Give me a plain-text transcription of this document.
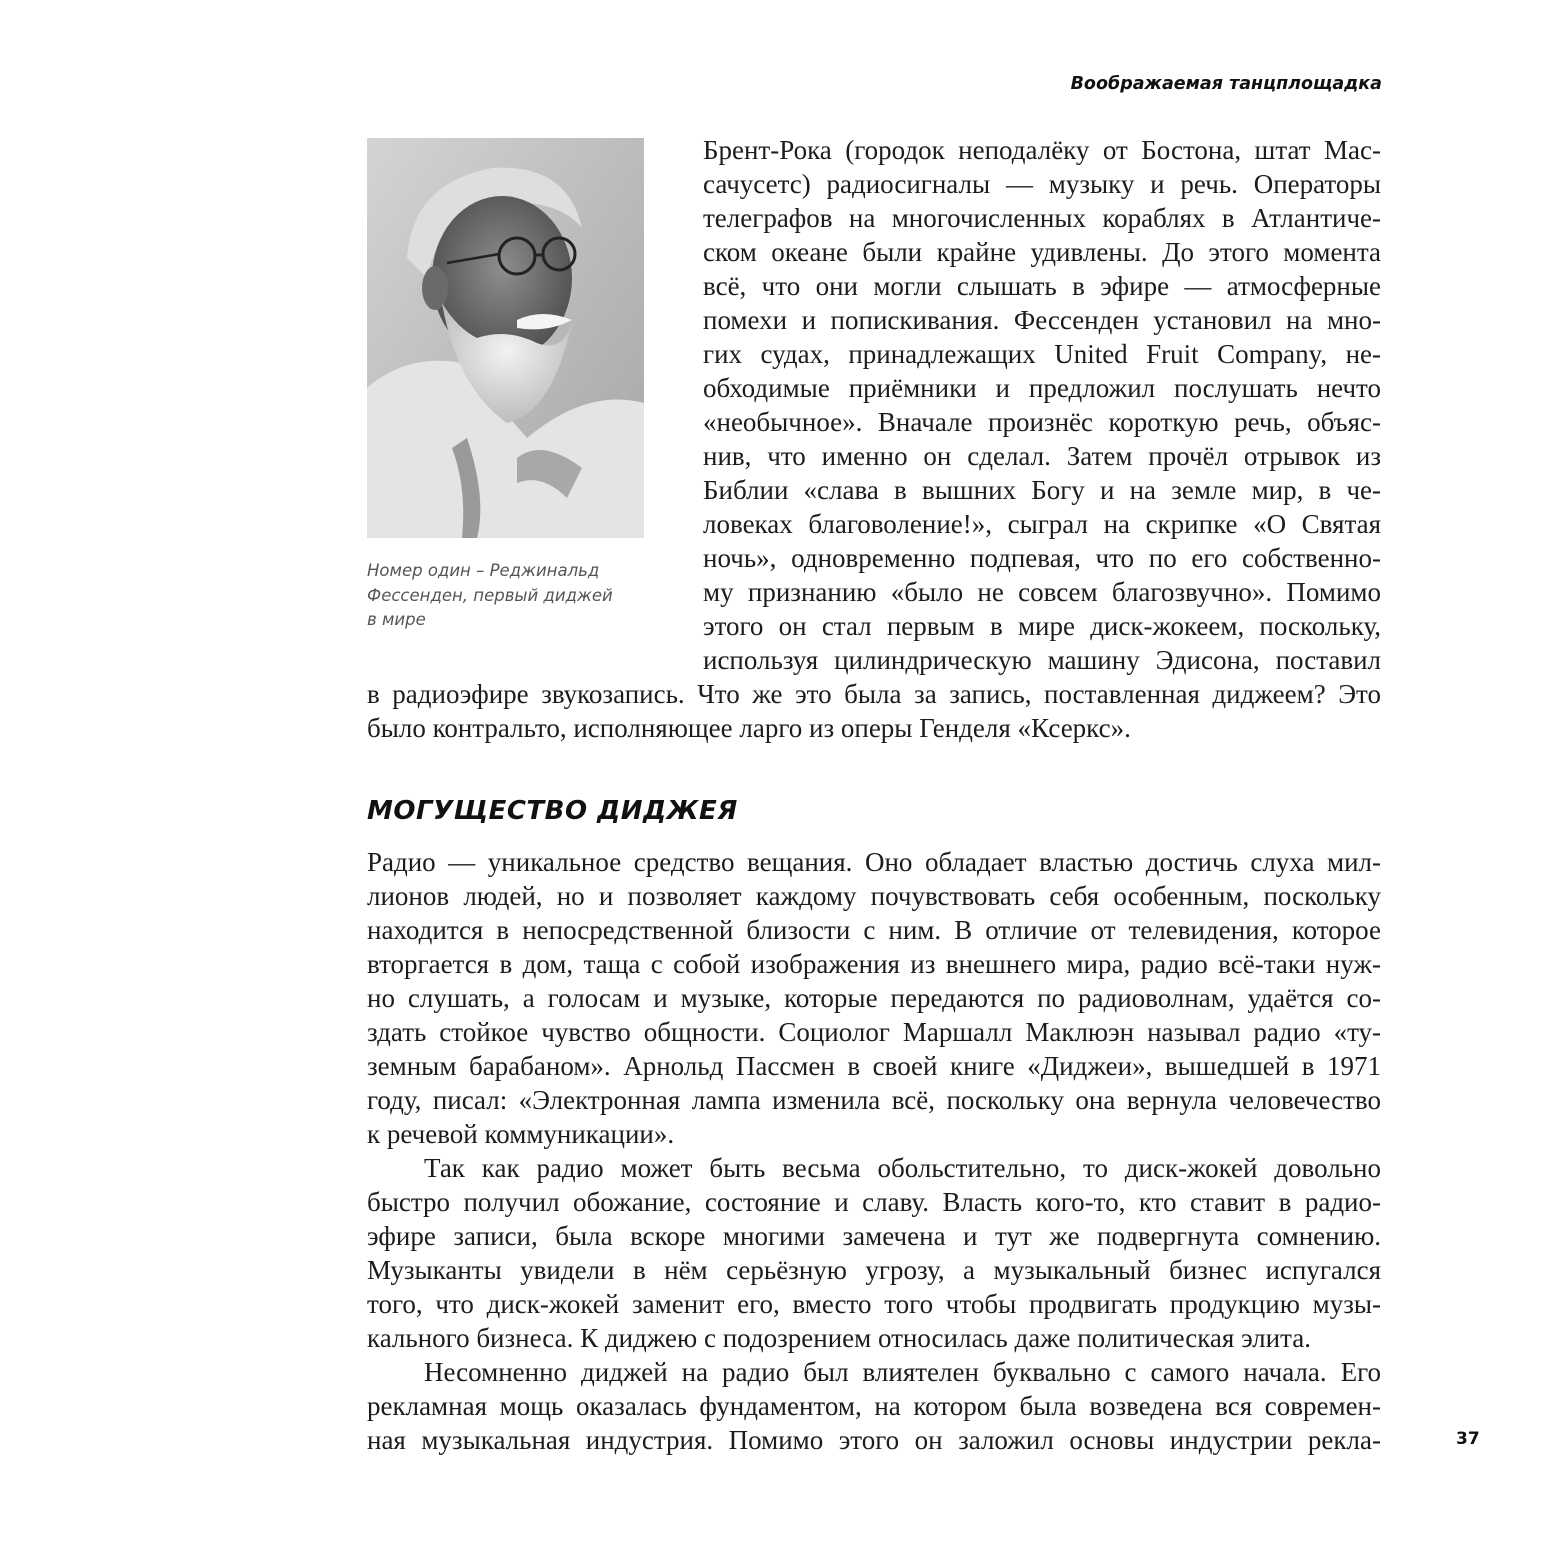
Воображаемая танцплощадка
Номер один – Реджинальд
Фессенден, первый диджей
в мире
Брент-Рока (городок неподалёку от Бостона, штат Мас-
сачусетс) радиосигналы — музыку и речь. Операторы
телеграфов на многочисленных кораблях в Атлантиче-
ском океане были крайне удивлены. До этого момента
всё, что они могли слышать в эфире — атмосферные
помехи и попискивания. Фессенден установил на мно-
гих судах, принадлежащих United Fruit Company, не-
обходимые приёмники и предложил послушать нечто
«необычное». Вначале произнёс короткую речь, объяс-
нив, что именно он сделал. Затем прочёл отрывок из
Библии «слава в вышних Богу и на земле мир, в че-
ловеках благоволение!», сыграл на скрипке «О Святая
ночь», одновременно подпевая, что по его собственно-
му признанию «было не совсем благозвучно». Помимо
этого он стал первым в мире диск-жокеем, поскольку,
используя цилиндрическую машину Эдисона, поставил
в радиоэфире звукозапись. Что же это была за запись, поставленная диджеем? Это
было контральто, исполняющее ларго из оперы Генделя «Ксеркс».
МОГУЩЕСТВО ДИДЖЕЯ
Радио — уникальное средство вещания. Оно обладает властью достичь слуха мил-
лионов людей, но и позволяет каждому почувствовать себя особенным, поскольку
находится в непосредственной близости с ним. В отличие от телевидения, которое
вторгается в дом, таща с собой изображения из внешнего мира, радио всё-таки нуж-
но слушать, а голосам и музыке, которые передаются по радиоволнам, удаётся со-
здать стойкое чувство общности. Социолог Маршалл Маклюэн называл радио «ту-
земным барабаном». Арнольд Пассмен в своей книге «Диджеи», вышедшей в 1971
году, писал: «Электронная лампа изменила всё, поскольку она вернула человечество
к речевой коммуникации».
Так как радио может быть весьма обольстительно, то диск-жокей довольно
быстро получил обожание, состояние и славу. Власть кого-то, кто ставит в радио-
эфире записи, была вскоре многими замечена и тут же подвергнута сомнению.
Музыканты увидели в нём серьёзную угрозу, а музыкальный бизнес испугался
того, что диск-жокей заменит его, вместо того чтобы продвигать продукцию музы-
кального бизнеса. К диджею с подозрением относилась даже политическая элита.
Несомненно диджей на радио был влиятелен буквально с самого начала. Его
рекламная мощь оказалась фундаментом, на котором была возведена вся современ-
ная музыкальная индустрия. Помимо этого он заложил основы индустрии рекла-	37
